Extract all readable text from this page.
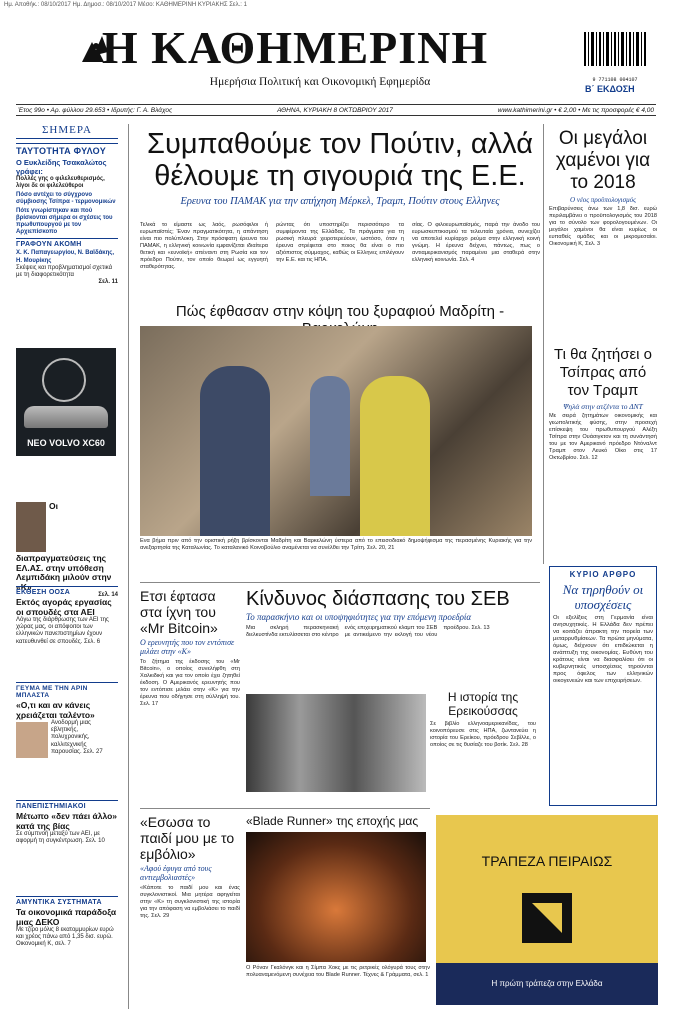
Ημ. Αποθήκ.: 08/10/2017 Ημ. Δημοσ.: 08/10/2017 Μέσο: ΚΑΘΗΜΕΡΙΝΗ ΚΥΡΙΑΚΗΣ Σελ.: 1
Η ΚΑΘΗΜΕΡΙΝΗ
Ημερήσια Πολιτική και Οικονομική Εφημερίδα	9 771108 004107
Β΄ ΕΚΔΟΣΗ
Έτος 99ο • Αρ. φύλλου 29.653 • Ιδρυτής: Γ. Α. Βλάχος	ΑΘΗΝΑ, ΚΥΡΙΑΚΗ 8 ΟΚΤΩΒΡΙΟΥ 2017	www.kathimerini.gr • € 2,00 • Με τις προσφορές € 4,00
ΣΗΜΕΡΑ
ΤΑΥΤΟΤΗΤΑ ΦΥΛΟΥ
Ο Ευκλείδης Τσακαλώτος γράφει:
Πολλές γης ο φιλελευθερισμός, λίγοι δε οι φιλελεύθεροι
Πόσο αντέχει το σύγχρονο σύμβιοσης Τσίπρα - τερμονομικών
Πότε γνωρίστηκαν και πού βρίσκονται σήμερα οι σχέσεις του πρωθυπουργού με τον Αρχιεπίσκοπο
ΓΡΑΦΟΥΝ ΑΚΟΜΗ
Χ. Κ. Παπαγεωργίου, Ν. Βαϊδάκης, Η. Μουρίκης
Σκέψεις και προβληματισμοί σχετικά με τη διαφορετικότητα
Σελ. 11
NEO VOLVO XC60
Οι διαπραγματεύσεις της ΕΛ.ΑΣ. στην υπόθεση Λεμπιδάκη μιλούν στην «Κ»
Σελ. 14
ΕΚΘΕΣΗ ΟΟΣΑ
Εκτός αγοράς εργασίας οι σπουδές στα ΑΕΙ
Λόγω της διάρθρωσης των ΑΕΙ της χώρας μας, οι απόφοιτοι των ελληνικών πανεπιστημίων έχουν κατευθυνθεί σε σπουδές. Σελ. 6
ΓΕΥΜΑ ΜΕ ΤΗΝ ΑΡΙΝ ΜΠΛΑΣΤΑ
«Ο,τι και αν κάνεις χρειάζεται ταλέντο»
Ανοδορμή μιας εβλητικής, πολυχρονικής, καλλιτεχνικής παρουσίας. Σελ. 27
ΠΑΝΕΠΙΣΤΗΜΙΑΚΟΙ
Μέτωπο «δεν πάει άλλο» κατά της βίας
Σε σύμπνοή μεταξύ των ΑΕΙ, με αφορμή τη συγκέντρωση. Σελ. 10
ΑΜΥΝΤΙΚΑ ΣΥΣΤΗΜΑΤΑ
Τα οικονομικά παράδοξα μιας ΔΕΚΟ
Με τζίρο μόλις 8 εκατομμυρίων ευρώ και χρέος πάνω από 1,35 δισ. ευρώ. Οικονομική Κ, σελ. 7
Συμπαθούμε τον Πούτιν, αλλά θέλουμε τη σιγουριά της Ε.Ε.
Ερευνα του ΠΑΜΑΚ για την απήχηση Μέρκελ, Τραμπ, Πούτιν στους Ελληνες
Τελικά το είμαστε ως λαός, ρωσόφιλοι ή ευρωπαϊστές; Έναν πραγματικότητα, η απάντηση είναι πιο πολύπλοκη. Στην πρόσφατη έρευνα του ΠΑΜΑΚ, η ελληνική κοινωνία εμφανίζεται ιδιαίτερα θετική και «ευνοϊκή» απέναντι στη Ρωσία και τον πρόεδρο Πούτιν, τον οποίο θεωρεί ως εγγυητή σταθερότητας.
ρώντας ότι υποστηρίζει περισσότερο τα συμφέροντα της Ελλάδας. Τα πράγματα για τη ρωσική πλευρά χειροτερεύουν, ωστόσο, όταν η έρευνα στρέφεται στο ποιος θα είναι ο πιο αξιόπιστος σύμμαχος, καθώς οι Ελληνες επιλέγουν την Ε.Ε. και τις ΗΠΑ.
σίας. Ο φιλοευρωπαϊσμός, παρά την άνοδο του ευρωσκεπτικισμού τα τελευταία χρόνια, συνεχίζει να αποτελεί κυρίαρχο ρεύμα στην ελληνική κοινή γνώμη. Η έρευνα δείχνει, πάντως, πως ο αντιαμερικανισμός παραμένει μια σταθερά στην ελληνική κοινωνία. Σελ. 4
Πώς έφθασαν στην κόψη του ξυραφιού Μαδρίτη -
Ενα βήμα πριν από την οριστική ρήξη βρίσκονται Μαδρίτη και Βαρκελώνη ύστερα από το επεισοδιακό δημοψήφισμα της περασμένης Κυριακής για την ανεξαρτησία της Καταλωνίας. Το καταλανικό Κοινοβούλιο αναμένεται να συνέλθει την Τρίτη. Σελ. 20, 21
Ετσι έφτασα στα ίχνη του «Mr Bitcoin»
Ο ερευνητής που τον εντόπισε μιλάει στην «Κ»
Το ζήτημα της έκδοσης του «Mr Bitcoin», ο οποίος συνελήφθη στη Χαλκιδική και για τον οποίο έχει ζητηθεί έκδοση. Ο Αμερικανός ερευνητής που τον εντόπισε μιλάει στην «Κ» για την έρευνα που οδήγησε στη σύλληψή του. Σελ. 17
Κίνδυνος διάσπασης του ΣΕΒ
Το παρασκήνιο και οι υποψηφιότητες για την επόμενη προεδρία
Μια σκληρή περασκηνιακή διελκυστίνδα εκτυλίσσεται στο κέντρο ενός επιχειρηματικού κλαμπ του ΣΕΒ με αντικείμενο την εκλογή του νέου προέδρου. Σελ. 13
Η ιστορία της Ερεικούσσας
Σε βιβλίο ελληνοαμερικανίδας, του κοινοπόρευσε στις ΗΠΑ, ζωντανεύει η ιστορία του Ερείκου, πρόεδρου Σεβίλλε, ο οποίος σε τις θυσίαζε του βοτίκ. Σελ. 28
«Εσωσα το παιδί μου με το εμβόλιο»
«Αφού έφυγα από τους αντιεμβολιαστές»
«Κάποτε το παιδί μου και ένας συγκλονιστικοί. Μια μητέρα αφηγείται στην «Κ» τη συγκλονιστική της ιστορία για την απόφαση να εμβολιάσει το παιδί της. Σελ. 29
«Blade Runner» της εποχής μας
Ο Ρόναν Γκαλόνγκ και η Σίμπα Χοκς με τις ρετρικές ολόγυρά τους στην πολυαναμενόμενη συνέχεια του Blade Runner. Τέχνες & Γράμματα, σελ. 1
Οι μεγάλοι χαμένοι για το 2018
Ο νέος προϋπολογισμός
Επιβαρύνσεις άνω των 1,8 δισ. ευρώ περιλαμβάνει ο προϋπολογισμός του 2018 για το σύνολο των φορολογουμένων. Οι μεγάλοι χαμένοι θα είναι κυρίως οι ευπαθείς ομάδες και οι μικρομεσαίοι. Οικονομική Κ, Σελ. 3
Τι θα ζητήσει ο Τσίπρας από τον Τραμπ
Ψηλά στην ατζέντα το ΔΝΤ
Με σειρά ζητημάτων οικονομικής και γεωπολιτικής φύσης, στην προσεχή επίσκεψη του πρωθυπουργού Αλέξη Τσίπρα στην Ουάσιγκτον και τη συνάντησή του με τον Αμερικανό πρόεδρο Ντόναλντ Τραμπ στον Λευκό Οίκο στις 17 Οκτωβρίου. Σελ. 12
ΚΥΡΙΟ ΑΡΘΡΟ
Να τηρηθούν οι υποσχέσεις
Οι εξελίξεις στη Γερμανία είναι ανησυχητικές. Η Ελλάδα δεν πρέπει να κοιτάζει άπρακτη την πορεία των μεταρρυθμίσεων. Τα πρώτα μηνύματα, όμως, δείχνουν ότι επιδιώκεται η ανάπτυξη της οικονομίας. Ευθύνη του κράτους είναι να διασφαλίσει ότι οι κυβερνητικές υποσχέσεις τηρούνται προς όφελος των ελληνικών οικογενειών και των επιχειρήσεων.
ΤΡΑΠΕΖΑ ΠΕΙΡΑΙΩΣ
Η πρώτη τράπεζα στην Ελλάδα
